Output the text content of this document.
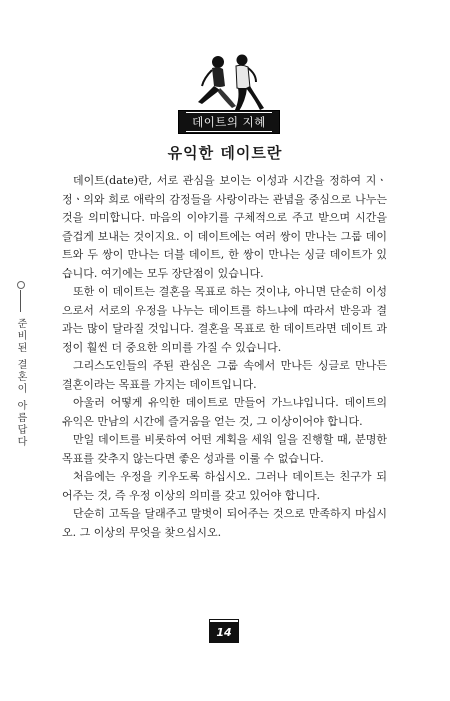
데이트의 지혜
유익한 데이트란

데이트(date)란, 서로 관심을 보이는 이성과 시간을 정하여 지ㆍ정ㆍ의와 희로 애락의 감정들을 사랑이라는 관념을 중심으로 나누는 것을 의미합니다. 마음의 이야기를 구체적으로 주고 받으며 시간을 즐겁게 보내는 것이지요. 이 데이트에는 여러 쌍이 만나는 그룹 데이트와 두 쌍이 만나는 더블 데이트, 한 쌍이 만나는 싱글 데이트가 있습니다. 여기에는 모두 장단점이 있습니다.

또한 이 데이트는 결혼을 목표로 하는 것이냐, 아니면 단순히 이성으로서 서로의 우정을 나누는 데이트를 하느냐에 따라서 반응과 결과는 많이 달라질 것입니다. 결혼을 목표로 한 데이트라면 데이트 과정이 훨씬 더 중요한 의미를 가질 수 있습니다.

그리스도인들의 주된 관심은 그룹 속에서 만나든 싱글로 만나든 결혼이라는 목표를 가지는 데이트입니다.

아울러 어떻게 유익한 데이트로 만들어 가느냐입니다. 데이트의 유익은 만남의 시간에 즐거움을 얻는 것, 그 이상이어야 합니다.

만일 데이트를 비롯하여 어떤 계획을 세워 일을 진행할 때, 분명한 목표를 갖추지 않는다면 좋은 성과를 이룰 수 없습니다.

처음에는 우정을 키우도록 하십시오. 그러나 데이트는 친구가 되어주는 것, 즉 우정 이상의 의미를 갖고 있어야 합니다.

단순히 고독을 달래주고 말벗이 되어주는 것으로 만족하지 마십시오. 그 이상의 무엇을 찾으십시오.

준비된 결혼이 아름답다
14
